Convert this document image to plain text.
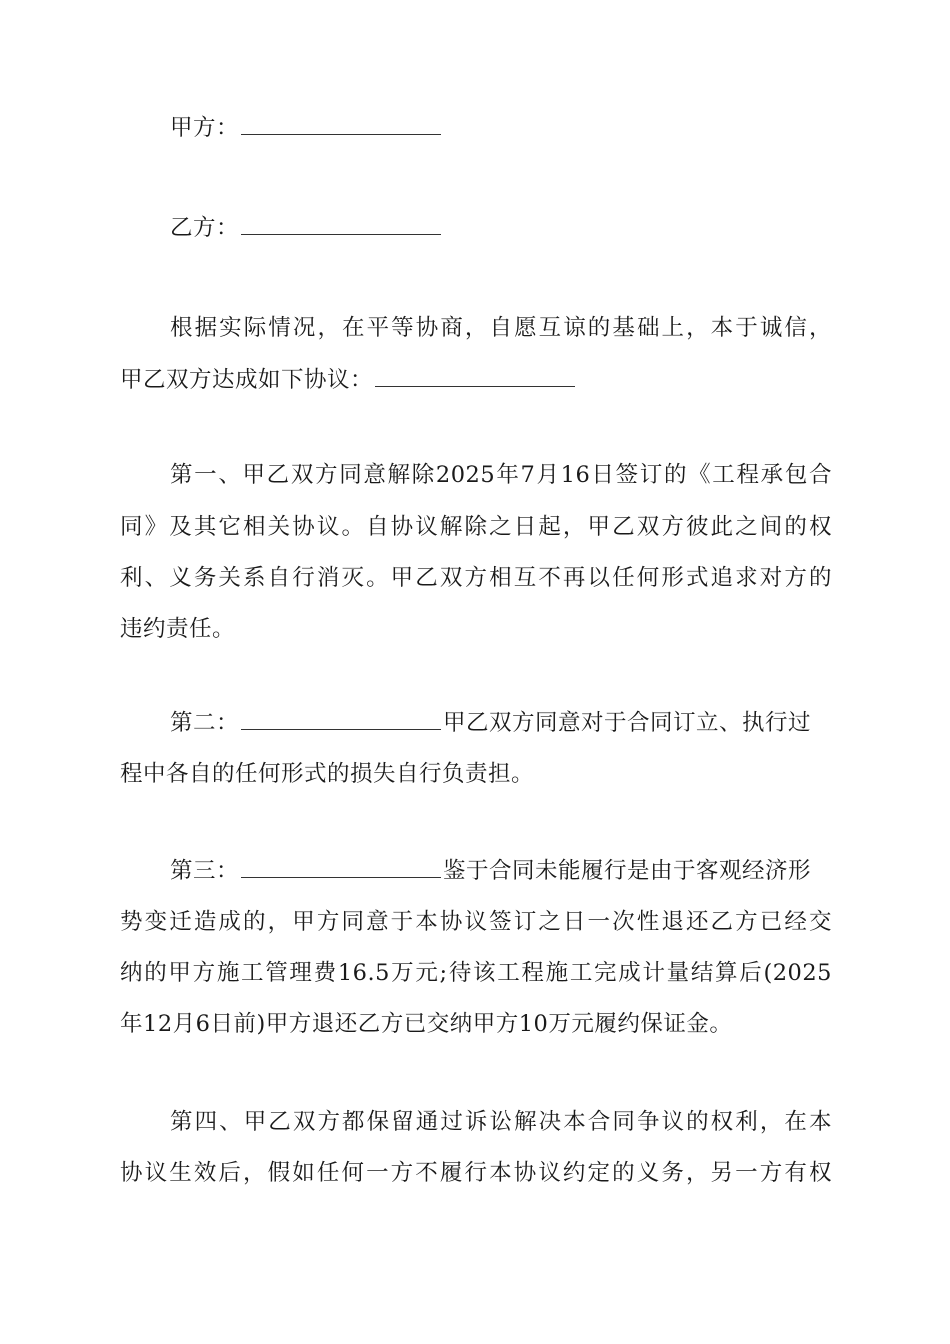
甲方：
乙方：
根据实际情况，在平等协商，自愿互谅的基础上，本于诚信，
甲乙双方达成如下协议：
第一、甲乙双方同意解除2025年7月16日签订的《工程承包合
同》及其它相关协议。自协议解除之日起，甲乙双方彼此之间的权
利、义务关系自行消灭。甲乙双方相互不再以任何形式追求对方的
违约责任。
第二：	甲乙双方同意对于合同订立、执行过
程中各自的任何形式的损失自行负责担。
第三：	鉴于合同未能履行是由于客观经济形
势变迁造成的，甲方同意于本协议签订之日一次性退还乙方已经交
纳的甲方施工管理费16.5万元;待该工程施工完成计量结算后(2025
年12月6日前)甲方退还乙方已交纳甲方10万元履约保证金。
第四、甲乙双方都保留通过诉讼解决本合同争议的权利，在本
协议生效后，假如任何一方不履行本协议约定的义务，另一方有权
